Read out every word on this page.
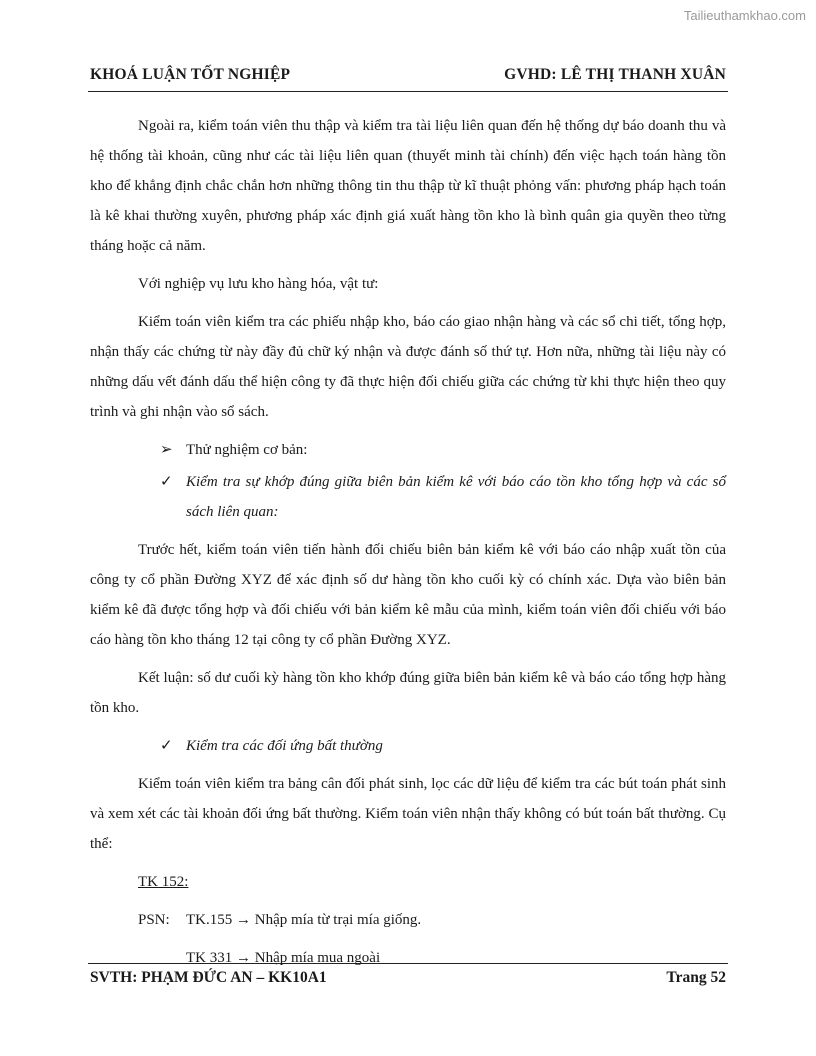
Tailieuthamkhao.com
KHOÁ LUẬN TỐT NGHIỆP	GVHD: LÊ THỊ THANH XUÂN

Ngoài ra, kiểm toán viên thu thập và kiểm tra tài liệu liên quan đến hệ thống dự báo doanh thu và hệ thống tài khoản, cũng như các tài liệu liên quan (thuyết minh tài chính) đến việc hạch toán hàng tồn kho để khẳng định chắc chắn hơn những thông tin thu thập từ kĩ thuật phỏng vấn: phương pháp hạch toán là kê khai thường xuyên, phương pháp xác định giá xuất hàng tồn kho là bình quân gia quyền theo từng tháng hoặc cả năm.

Với nghiệp vụ lưu kho hàng hóa, vật tư:

Kiểm toán viên kiểm tra các phiếu nhập kho, báo cáo giao nhận hàng và các sổ chi tiết, tổng hợp, nhận thấy các chứng từ này đầy đủ chữ ký nhận và được đánh số thứ tự. Hơn nữa, những tài liệu này có những dấu vết đánh dấu thể hiện công ty đã thực hiện đối chiếu giữa các chứng từ khi thực hiện theo quy trình và ghi nhận vào sổ sách.

➢ Thử nghiệm cơ bản:
✓ Kiểm tra sự khớp đúng giữa biên bản kiểm kê với báo cáo tồn kho tổng hợp và các sổ sách liên quan:

Trước hết, kiểm toán viên tiến hành đối chiếu biên bản kiểm kê với báo cáo nhập xuất tồn của công ty cổ phần Đường XYZ để xác định số dư hàng tồn kho cuối kỳ có chính xác. Dựa vào biên bản kiểm kê đã được tổng hợp và đối chiếu với bản kiểm kê mẫu của mình, kiểm toán viên đối chiếu với báo cáo hàng tồn kho tháng 12 tại công ty cổ phần Đường XYZ.

Kết luận: số dư cuối kỳ hàng tồn kho khớp đúng giữa biên bản kiểm kê và báo cáo tổng hợp hàng tồn kho.

✓ Kiểm tra các đối ứng bất thường

Kiểm toán viên kiểm tra bảng cân đối phát sinh, lọc các dữ liệu để kiểm tra các bút toán phát sinh và xem xét các tài khoản đối ứng bất thường. Kiểm toán viên nhận thấy không có bút toán bất thường. Cụ thể:

TK 152:
PSN:	TK.155 → Nhập mía từ trại mía giống.
TK 331 → Nhập mía mua ngoài
SVTH: PHẠM ĐỨC AN – KK10A1	Trang 52
